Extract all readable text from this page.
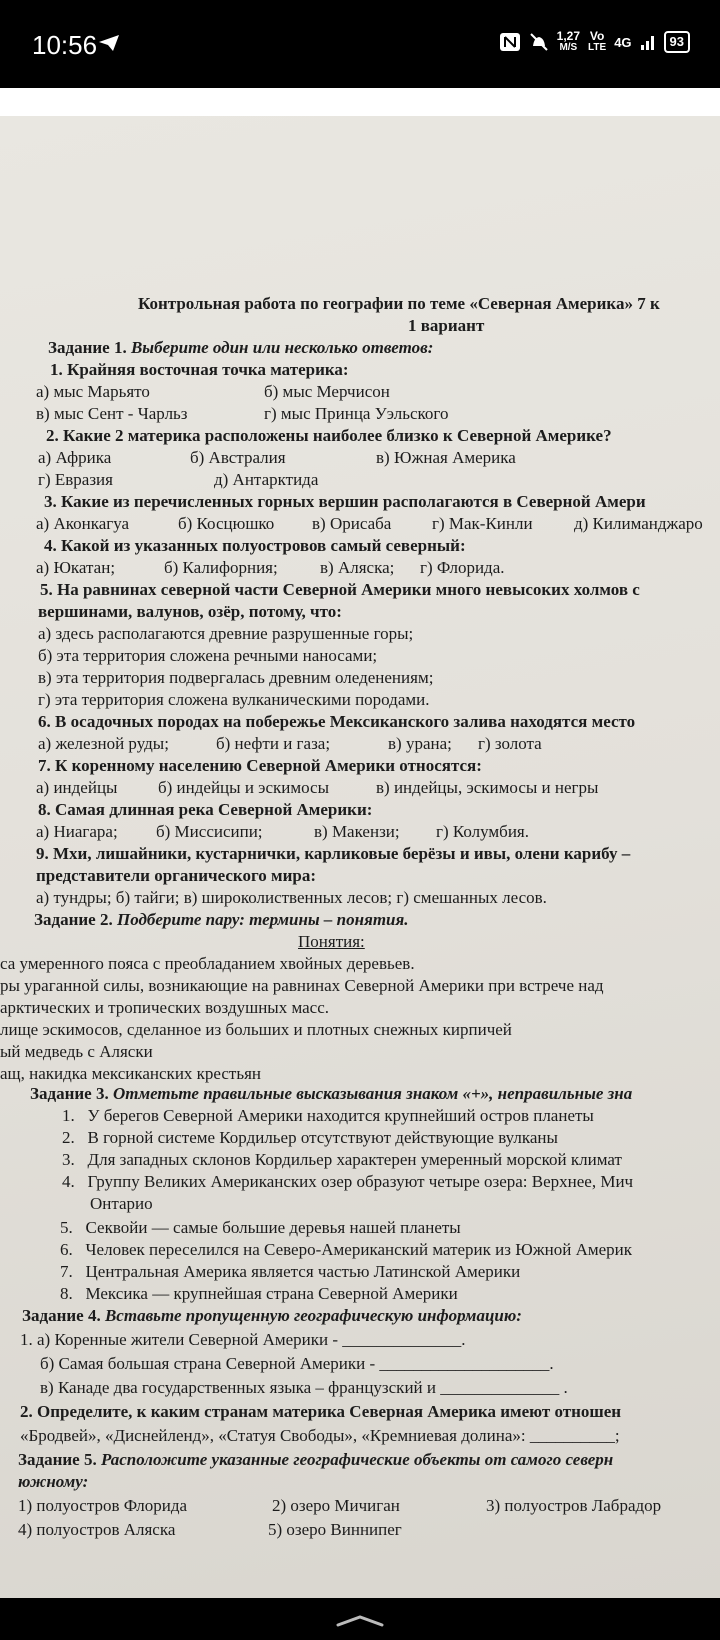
10:56	1,27
M/S
Vo
LTE 4G	93
Контрольная работа по географии по теме «Северная Америка» 7 к
1 вариант
Задание 1. Выберите один или несколько ответов:
1. Крайняя восточная точка материка:
а) мыс Марьято	б) мыс Мерчисон
в) мыс Сент - Чарльз	г) мыс Принца Уэльского
2. Какие 2 материка расположены наиболее близко к Северной Америке?
а) Африка	б) Австралия	в) Южная Америка
г) Евразия	д) Антарктида
3. Какие из перечисленных горных вершин располагаются в Северной Амери
а) Аконкагуа	б) Косцюшко в) Орисаба г) Мак-Кинли д) Килиманджаро
4. Какой из указанных полуостровов самый северный:
а) Юкатан;	б) Калифорния; в) Аляска; г) Флорида.
5. На равнинах северной части Северной Америки много невысоких холмов с
вершинами, валунов, озёр, потому, что:
а) здесь располагаются древние разрушенные горы;
б) эта территория сложена речными наносами;
в) эта территория подвергалась древним оледенениям;
г) эта территория сложена вулканическими породами.
6. В осадочных породах на побережье Мексиканского залива находятся место
а) железной руды;	б) нефти и газа;	в) урана; г) золота
7. К коренному населению Северной Америки относятся:
а) индейцы б) индейцы и эскимосы	в) индейцы, эскимосы и негры
8. Самая длинная река Северной Америки:
а) Ниагара; б) Миссисипи;	в) Макензи; г) Колумбия.
9. Мхи, лишайники, кустарнички, карликовые берёзы и ивы, олени карибу –
представители органического мира:
а) тундры; б) тайги; в) широколиственных лесов; г) смешанных лесов.
Задание 2. Подберите пару: термины – понятия.
Понятия:
са умеренного пояса с преобладанием хвойных деревьев.
ры ураганной силы, возникающие на равнинах Северной Америки при встрече над
арктических и тропических воздушных масс.
лище эскимосов, сделанное из больших и плотных снежных кирпичей
ый медведь с Аляски
ащ, накидка мексиканских крестьян
Задание 3. Отметьте правильные высказывания знаком «+», неправильные зна
1. У берегов Северной Америки находится крупнейший остров планеты
2. В горной системе Кордильер отсутствуют действующие вулканы
3. Для западных склонов Кордильер характерен умеренный морской климат
4. Группу Великих Американских озер образуют четыре озера: Верхнее, Мич
Онтарио
5. Секвойи — самые большие деревья нашей планеты
6. Человек переселился на Северо-Американский материк из Южной Америк
7. Центральная Америка является частью Латинской Америки
8. Мексика — крупнейшая страна Северной Америки
Задание 4. Вставьте пропущенную географическую информацию:
1. а) Коренные жители Северной Америки - ______________.
б) Самая большая страна Северной Америки - ____________________.
в) Канаде два государственных языка – французский и ______________ .
2. Определите, к каким странам материка Северная Америка имеют отношен
«Бродвей», «Диснейленд», «Статуя Свободы», «Кремниевая долина»: __________;
Задание 5. Расположите указанные географические объекты от самого северн
южному:
1) полуостров Флорида	2) озеро Мичиган	3) полуостров Лабрадор
4) полуостров Аляска	5) озеро Виннипег
